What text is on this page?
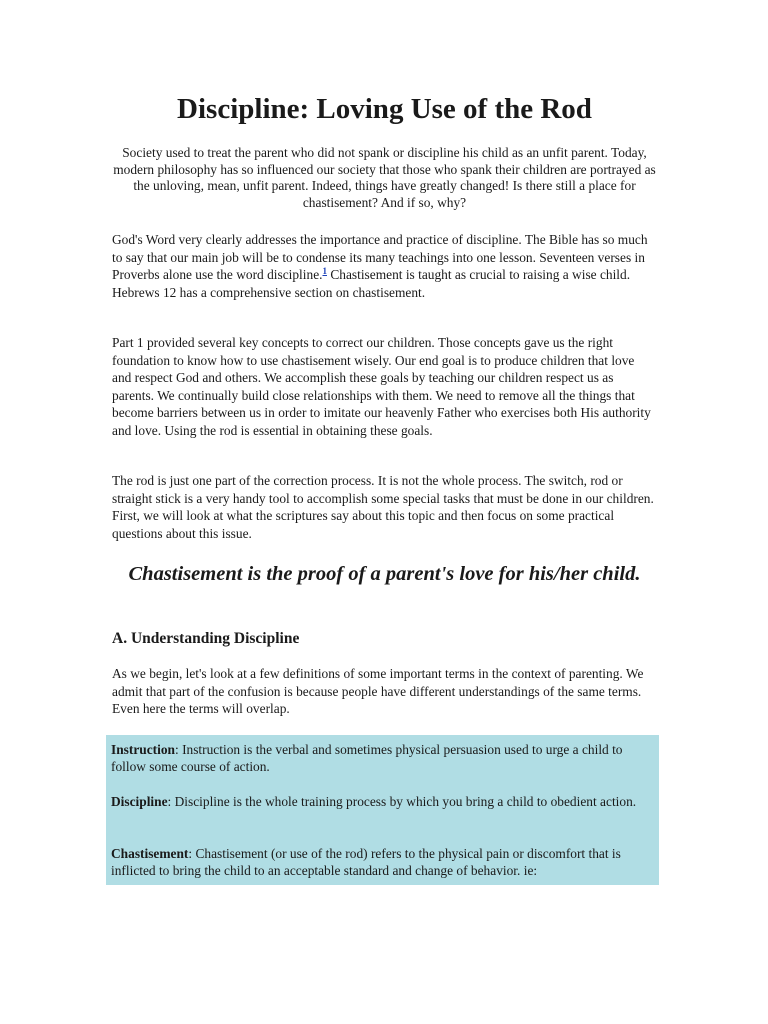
Discipline: Loving Use of the Rod

Society used to treat the parent who did not spank or discipline his child as an unfit parent. Today, modern philosophy has so influenced our society that those who spank their children are portrayed as the unloving, mean, unfit parent. Indeed, things have greatly changed! Is there still a place for chastisement? And if so, why?

God's Word very clearly addresses the importance and practice of discipline. The Bible has so much to say that our main job will be to condense its many teachings into one lesson. Seventeen verses in Proverbs alone use the word discipline.$^1$ Chastisement is taught as crucial to raising a wise child. Hebrews 12 has a comprehensive section on chastisement.

Part 1 provided several key concepts to correct our children. Those concepts gave us the right foundation to know how to use chastisement wisely. Our end goal is to produce children that love and respect God and others. We accomplish these goals by teaching our children respect us as parents. We continually build close relationships with them. We need to remove all the things that become barriers between us in order to imitate our heavenly Father who exercises both His authority and love. Using the rod is essential in obtaining these goals.

The rod is just one part of the correction process. It is not the whole process. The switch, rod or straight stick is a very handy tool to accomplish some special tasks that must be done in our children. First, we will look at what the scriptures say about this topic and then focus on some practical questions about this issue.

Chastisement is the proof of a parent's love for his/her child.

A. Understanding Discipline

As we begin, let's look at a few definitions of some important terms in the context of parenting. We admit that part of the confusion is because people have different understandings of the same terms. Even here the terms will overlap.

Instruction: Instruction is the verbal and sometimes physical persuasion used to urge a child to follow some course of action.

Discipline: Discipline is the whole training process by which you bring a child to obedient action.

Chastisement: Chastisement (or use of the rod) refers to the physical pain or discomfort that is inflicted to bring the child to an acceptable standard and change of behavior. ie:
